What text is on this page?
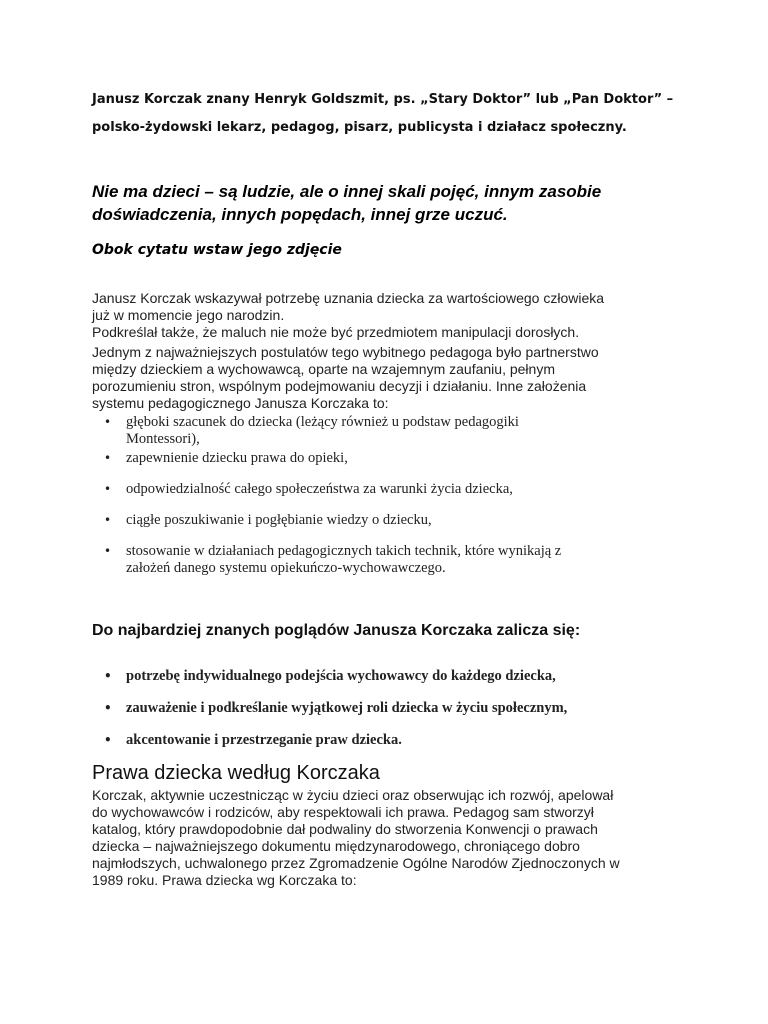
Janusz Korczak znany Henryk Goldszmit, ps. „Stary Doktor” lub „Pan Doktor” –
polsko-żydowski lekarz, pedagog, pisarz, publicysta i działacz społeczny.
Nie ma dzieci – są ludzie, ale o innej skali pojęć, innym zasobie
doświadczenia, innych popędach, innej grze uczuć.
Obok cytatu wstaw jego zdjęcie
Janusz Korczak wskazywał potrzebę uznania dziecka za wartościowego człowieka
już w momencie jego narodzin.
Podkreślał także, że maluch nie może być przedmiotem manipulacji dorosłych.
Jednym z najważniejszych postulatów tego wybitnego pedagoga było partnerstwo
między dzieckiem a wychowawcą, oparte na wzajemnym zaufaniu, pełnym
porozumieniu stron, wspólnym podejmowaniu decyzji i działaniu. Inne założenia
systemu pedagogicznego Janusza Korczaka to:
• głęboki szacunek do dziecka (leżący również u podstaw pedagogiki
Montessori),
• zapewnienie dziecku prawa do opieki,
• odpowiedzialność całego społeczeństwa za warunki życia dziecka,
• ciągłe poszukiwanie i pogłębianie wiedzy o dziecku,
• stosowanie w działaniach pedagogicznych takich technik, które wynikają z
założeń danego systemu opiekuńczo-wychowawczego.
Do najbardziej znanych poglądów Janusza Korczaka zalicza się:
• potrzebę indywidualnego podejścia wychowawcy do każdego dziecka,
• zauważenie i podkreślanie wyjątkowej roli dziecka w życiu społecznym,
• akcentowanie i przestrzeganie praw dziecka.
Prawa dziecka według Korczaka
Korczak, aktywnie uczestnicząc w życiu dzieci oraz obserwując ich rozwój, apelował
do wychowawców i rodziców, aby respektowali ich prawa. Pedagog sam stworzył
katalog, który prawdopodobnie dał podwaliny do stworzenia Konwencji o prawach
dziecka – najważniejszego dokumentu międzynarodowego, chroniącego dobro
najmłodszych, uchwalonego przez Zgromadzenie Ogólne Narodów Zjednoczonych w
1989 roku. Prawa dziecka wg Korczaka to:
